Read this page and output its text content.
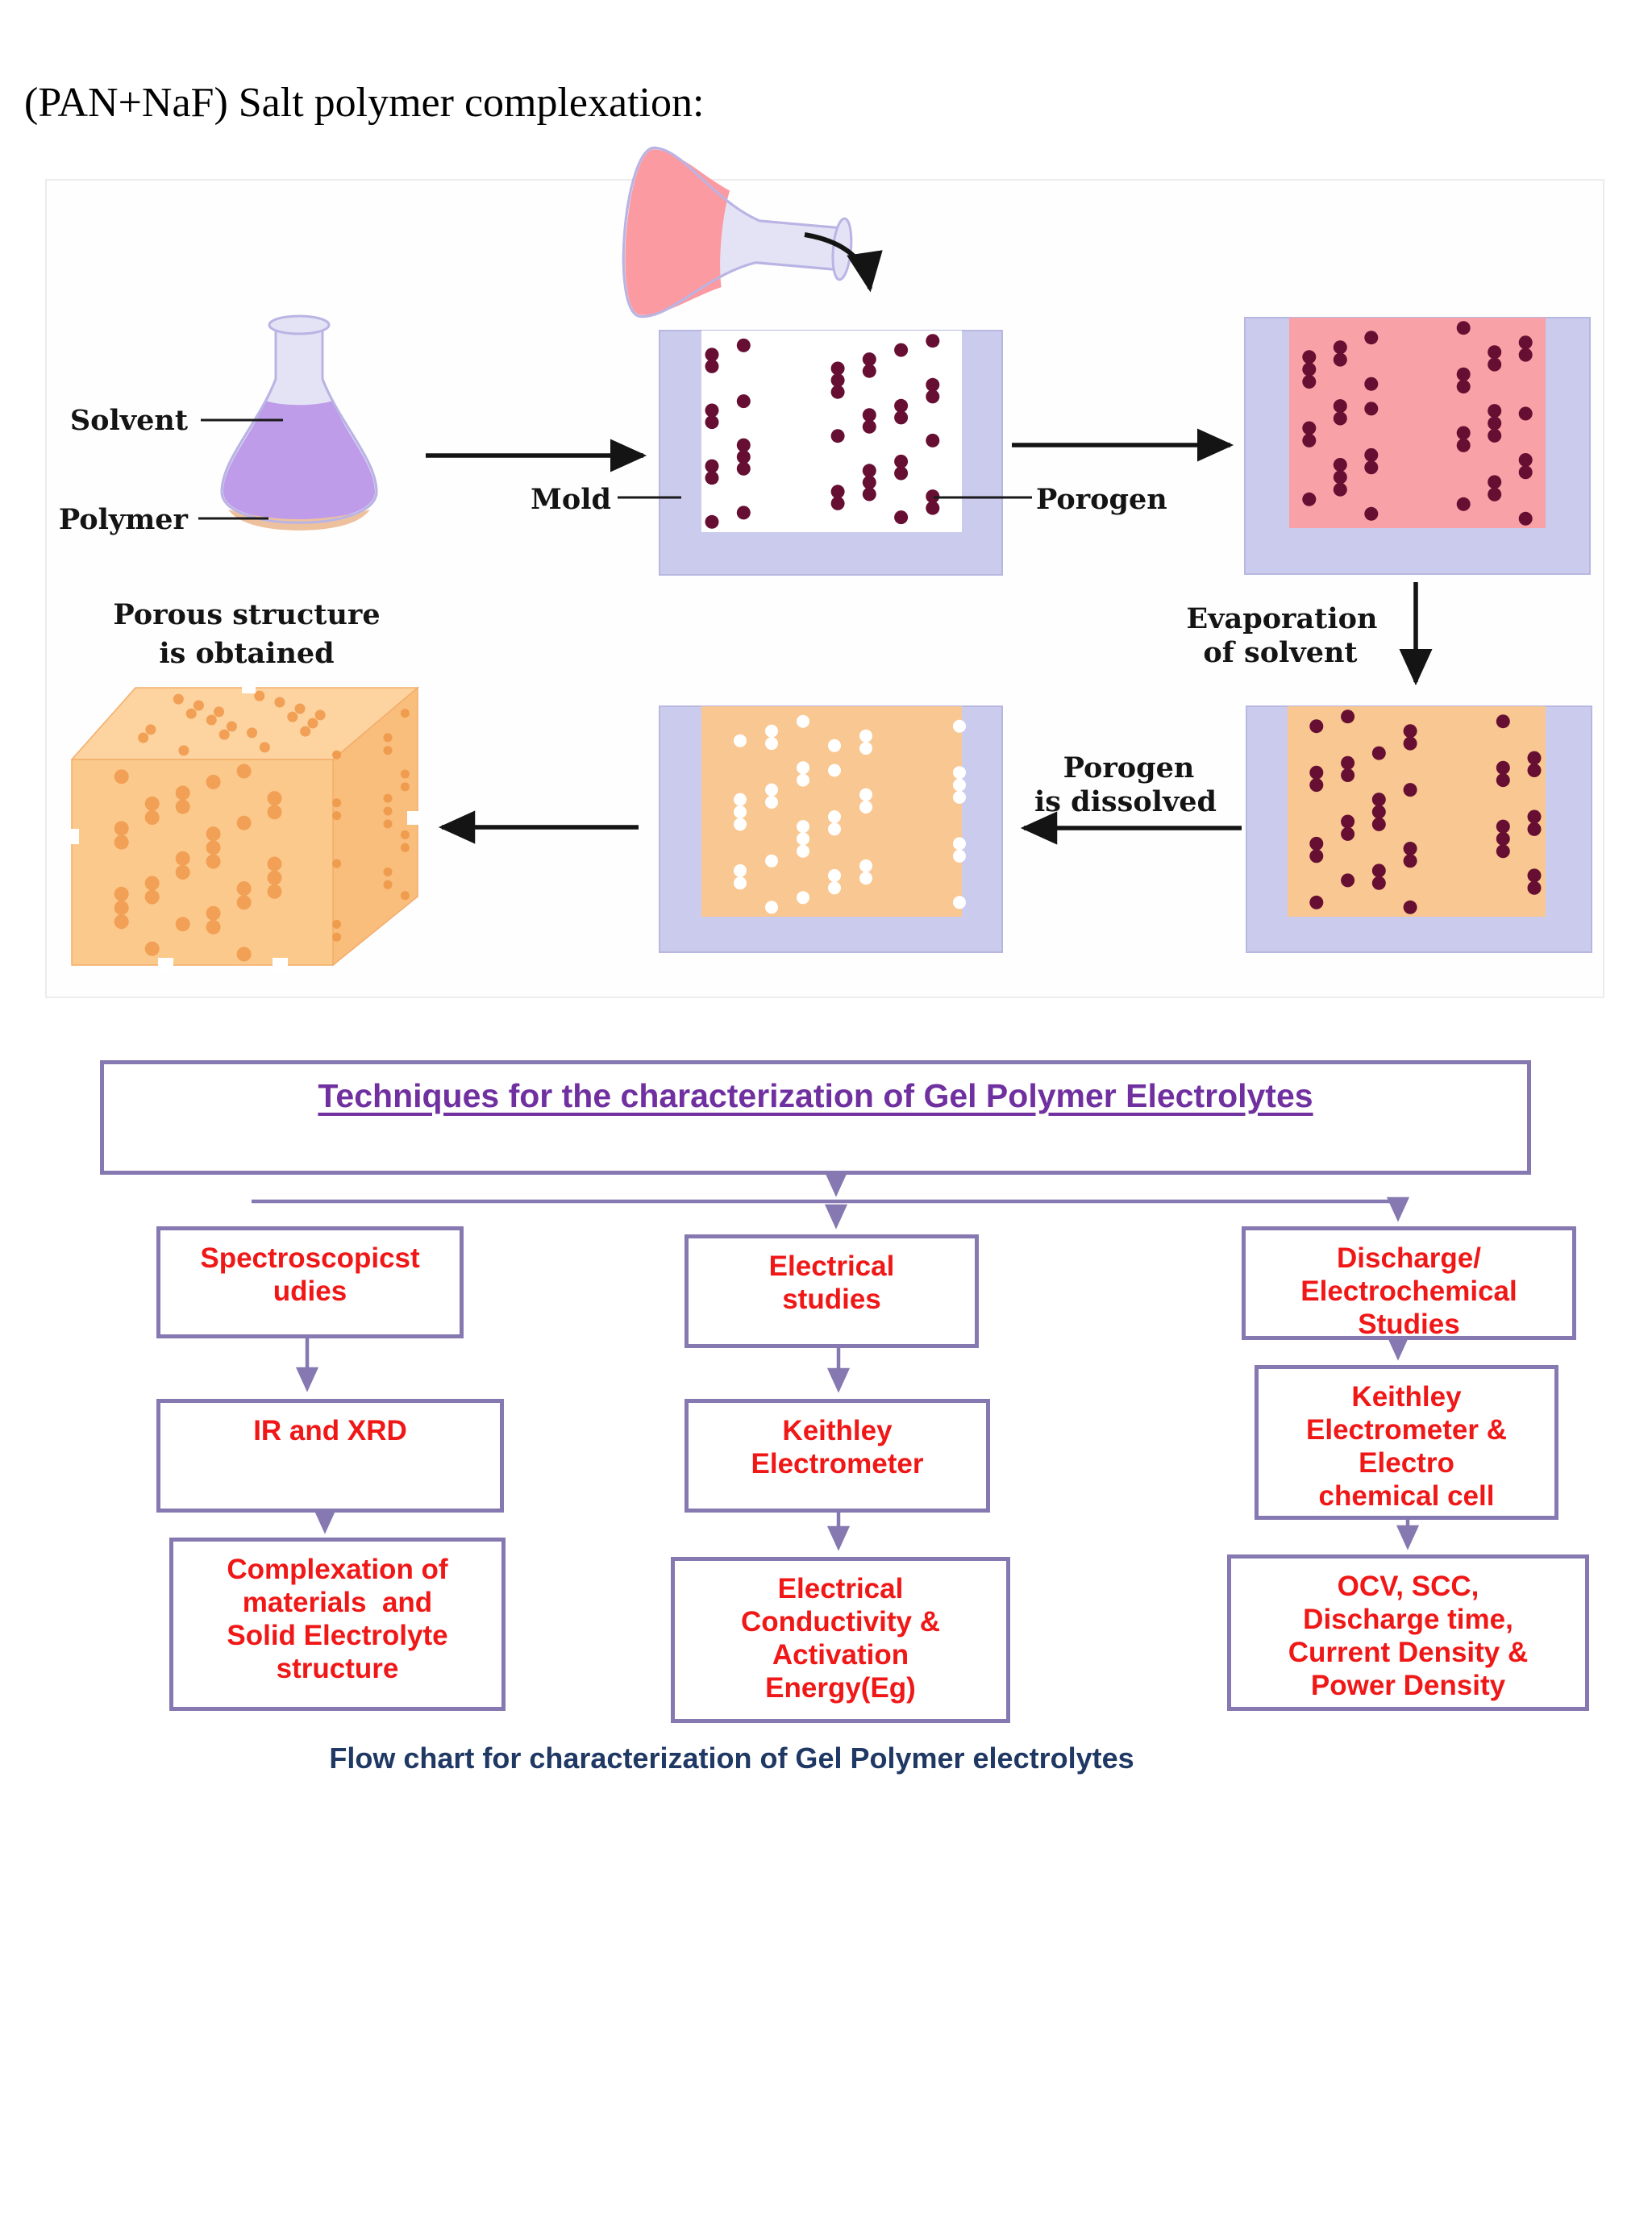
(PAN+NaF) Salt polymer complexation:
Solvent
Polymer
Mold	Porogen
Evaporation
of solvent
Porogen
is dissolved
Porous structure
is obtained
Techniques for the characterization of Gel Polymer Electrolytes
Spectroscopicst
udies
IR and XRD
Complexation of
materials  and
Solid Electrolyte
structure
Electrical
studies
Keithley
Electrometer
Electrical
Conductivity &
Activation
Energy(Eg)
Discharge/
Electrochemical
Studies
Keithley
Electrometer &
Electro
chemical cell
OCV, SCC,
Discharge time,
Current Density &
Power Density
Flow chart for characterization of Gel Polymer electrolytes
